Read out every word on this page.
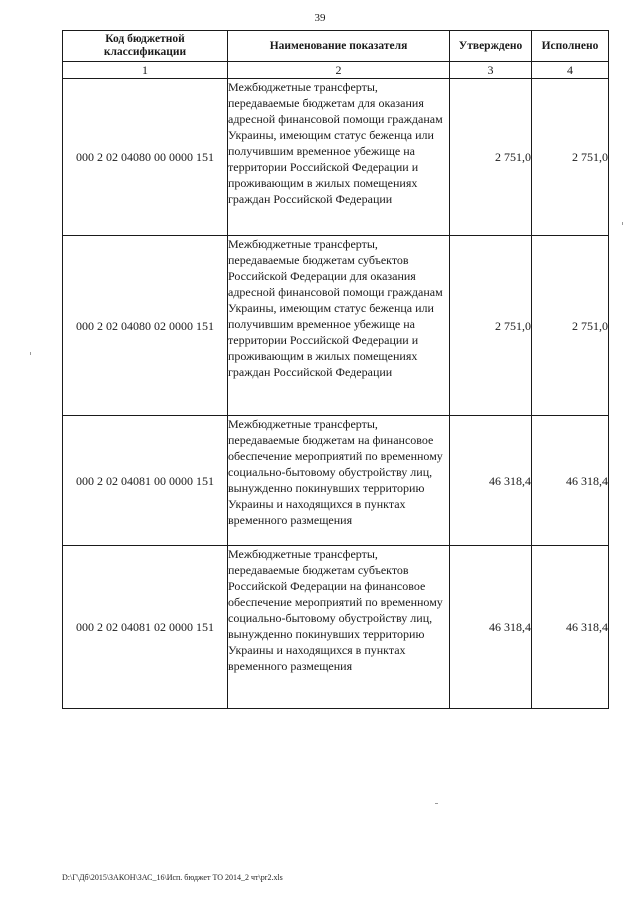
39
Код бюджетной классификации	Наименование показателя	Утверждено	Исполнено
1	2	3	4
000 2 02 04080 00 0000 151	Межбюджетные трансферты, передаваемые бюджетам для оказания адресной финансовой помощи гражданам Украины, имеющим статус беженца или получившим временное убежище на территории Российской Федерации и проживающим в жилых помещениях граждан Российской Федерации	2 751,0	2 751,0
000 2 02 04080 02 0000 151	Межбюджетные трансферты, передаваемые бюджетам субъектов Российской Федерации для оказания адресной финансовой помощи гражданам Украины, имеющим статус беженца или получившим временное убежище на территории Российской Федерации и проживающим в жилых помещениях граждан Российской Федерации	2 751,0	2 751,0
000 2 02 04081 00 0000 151	Межбюджетные трансферты, передаваемые бюджетам на финансовое обеспечение мероприятий по временному социально-бытовому обустройству лиц, вынужденно покинувших территорию Украины и находящихся в пунктах временного размещения	46 318,4	46 318,4
000 2 02 04081 02 0000 151	Межбюджетные трансферты, передаваемые бюджетам субъектов Российской Федерации на финансовое обеспечение мероприятий по временному социально-бытовому обустройству лиц, вынужденно покинувших территорию Украины и находящихся в пунктах временного размещения	46 318,4	46 318,4
D:\Г\Дб\2015\ЗАКОН\ЗАС_16\Исп. бюджет ТО 2014_2 чт\pr2.xls
